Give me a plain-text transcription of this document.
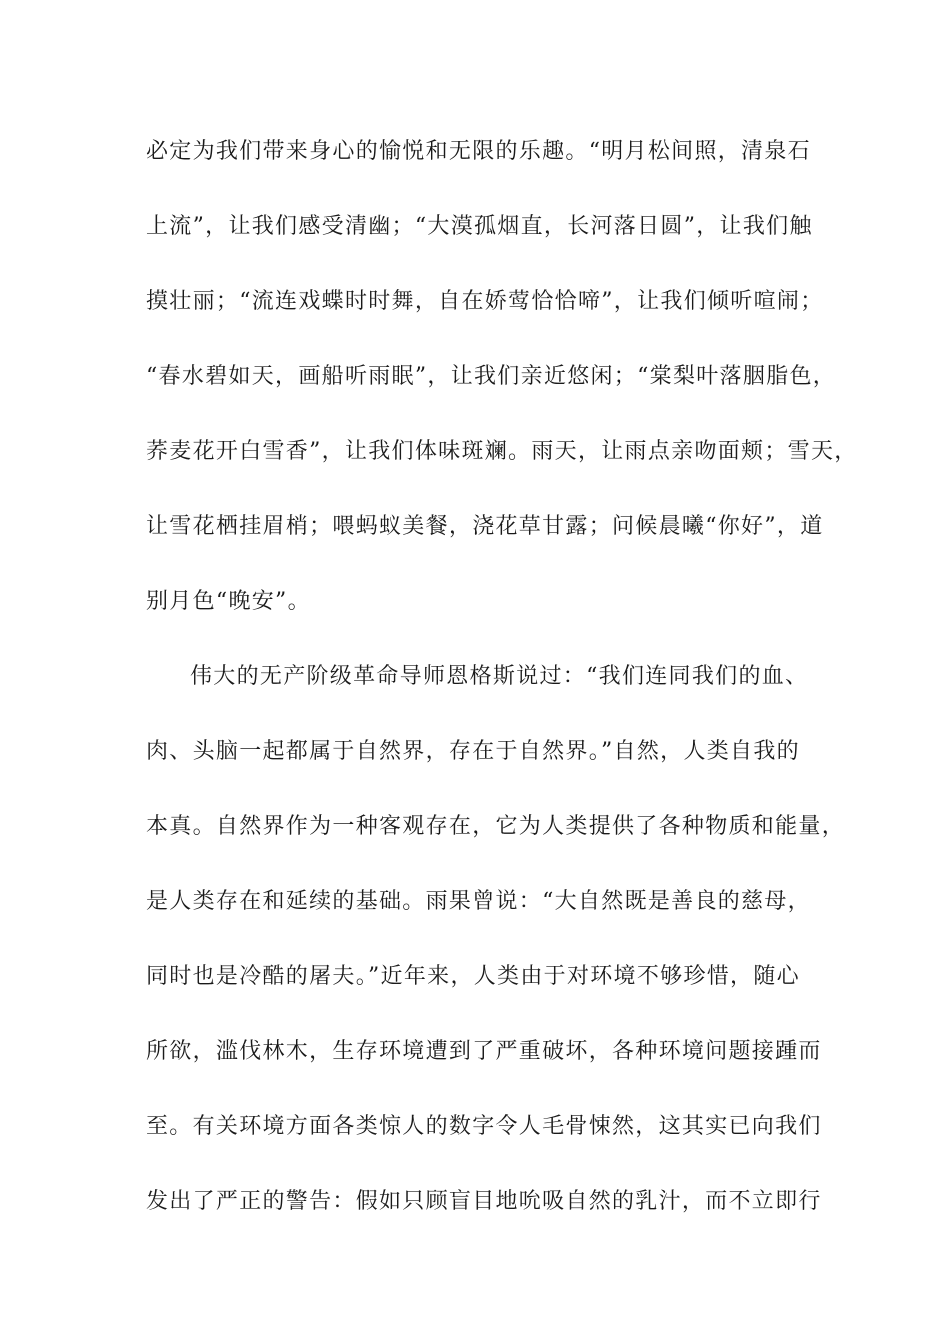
必定为我们带来身心的愉悦和无限的乐趣。“明月松间照，清泉石
上流”，让我们感受清幽；“大漠孤烟直，长河落日圆”，让我们触
摸壮丽；“流连戏蝶时时舞，自在娇莺恰恰啼”，让我们倾听喧闹；
“春水碧如天，画船听雨眠”，让我们亲近悠闲；“棠梨叶落胭脂色，
荞麦花开白雪香”，让我们体味斑斓。雨天，让雨点亲吻面颊；雪天，
让雪花栖挂眉梢；喂蚂蚁美餐，浇花草甘露；问候晨曦“你好”，道
别月色“晚安”。
伟大的无产阶级革命导师恩格斯说过：“我们连同我们的血、
肉、头脑一起都属于自然界，存在于自然界。”自然，人类自我的
本真。自然界作为一种客观存在，它为人类提供了各种物质和能量，
是人类存在和延续的基础。雨果曾说：“大自然既是善良的慈母，
同时也是冷酷的屠夫。”近年来，人类由于对环境不够珍惜，随心
所欲，滥伐林木，生存环境遭到了严重破坏，各种环境问题接踵而
至。有关环境方面各类惊人的数字令人毛骨悚然，这其实已向我们
发出了严正的警告：假如只顾盲目地吮吸自然的乳汁，而不立即行
